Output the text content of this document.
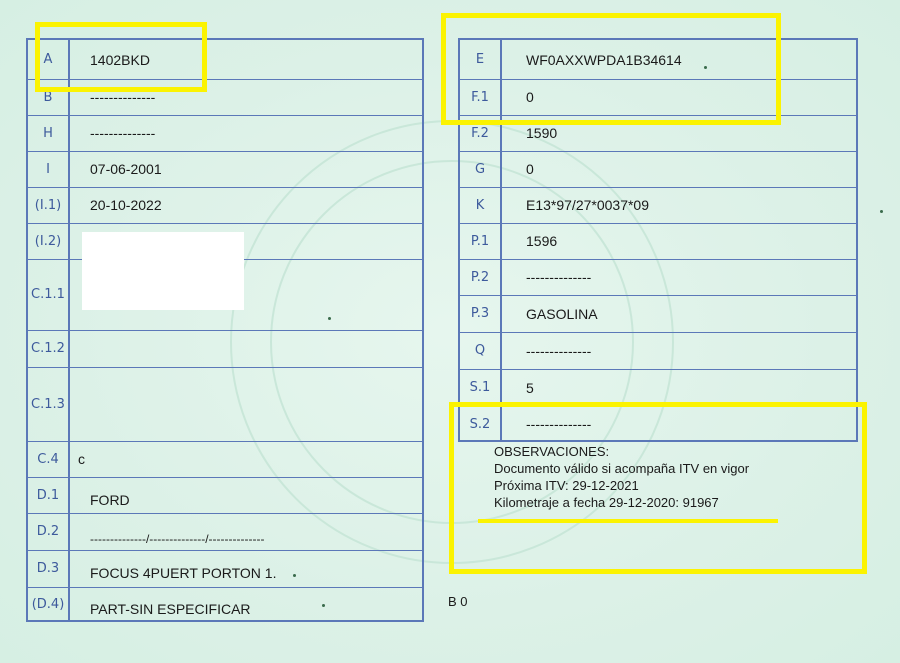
A	1402BKD
B	--------------
H	--------------
I	07-06-2001
(I.1)	20-10-2022
(I.2)
C.1.1
C.1.2
C.1.3
C.4	c
D.1	FORD
D.2	--------------/--------------/--------------
D.3	FOCUS 4PUERT PORTON 1.
(D.4)	PART-SIN ESPECIFICAR
E	WF0AXXWPDA1B34614
F.1	0
F.2	1590
G	0
K	E13*97/27*0037*09
P.1	1596
P.2	--------------
P.3	GASOLINA
Q	--------------
S.1	5
S.2	--------------
OBSERVACIONES:
Documento válido si acompaña ITV en vigor
Próxima ITV: 29-12-2021
Kilometraje a fecha 29-12-2020: 91967
B 0
